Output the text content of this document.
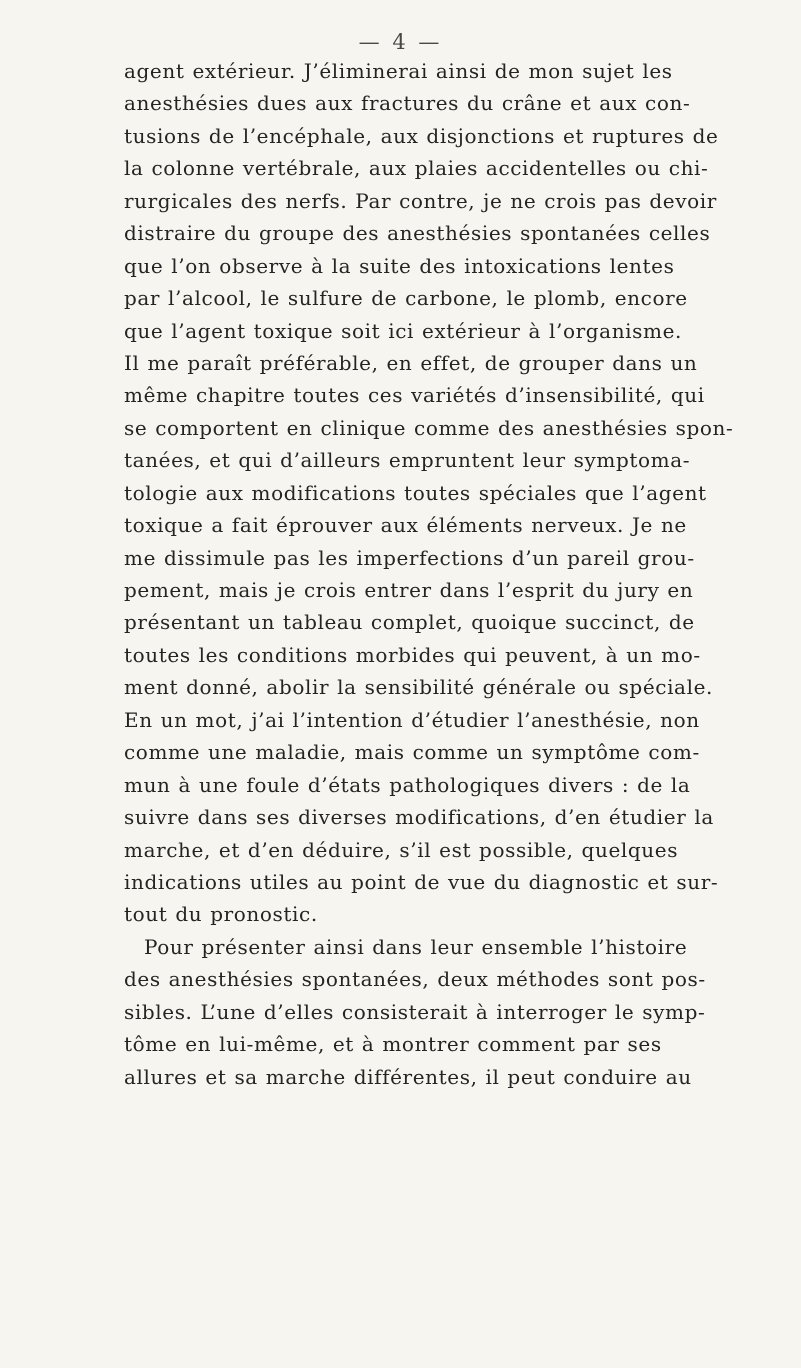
— 4 —
agent extérieur. J’éliminerai ainsi de mon sujet les
anesthésies dues aux fractures du crâne et aux con-
tusions de l’encéphale, aux disjonctions et ruptures de
la colonne vertébrale, aux plaies accidentelles ou chi-
rurgicales des nerfs. Par contre, je ne crois pas devoir
distraire du groupe des anesthésies spontanées celles
que l’on observe à la suite des intoxications lentes
par l’alcool, le sulfure de carbone, le plomb, encore
que l’agent toxique soit ici extérieur à l’organisme.
Il me paraît préférable, en effet, de grouper dans un
même chapitre toutes ces variétés d’insensibilité, qui
se comportent en clinique comme des anesthésies spon-
tanées, et qui d’ailleurs empruntent leur symptoma-
tologie aux modifications toutes spéciales que l’agent
toxique a fait éprouver aux éléments nerveux. Je ne
me dissimule pas les imperfections d’un pareil grou-
pement, mais je crois entrer dans l’esprit du jury en
présentant un tableau complet, quoique succinct, de
toutes les conditions morbides qui peuvent, à un mo-
ment donné, abolir la sensibilité générale ou spéciale.
En un mot, j’ai l’intention d’étudier l’anesthésie, non
comme une maladie, mais comme un symptôme com-
mun à une foule d’états pathologiques divers : de la
suivre dans ses diverses modifications, d’en étudier la
marche, et d’en déduire, s’il est possible, quelques
indications utiles au point de vue du diagnostic et sur-
tout du pronostic.
Pour présenter ainsi dans leur ensemble l’histoire
des anesthésies spontanées, deux méthodes sont pos-
sibles. L’une d’elles consisterait à interroger le symp-
tôme en lui-même, et à montrer comment par ses
allures et sa marche différentes, il peut conduire au
